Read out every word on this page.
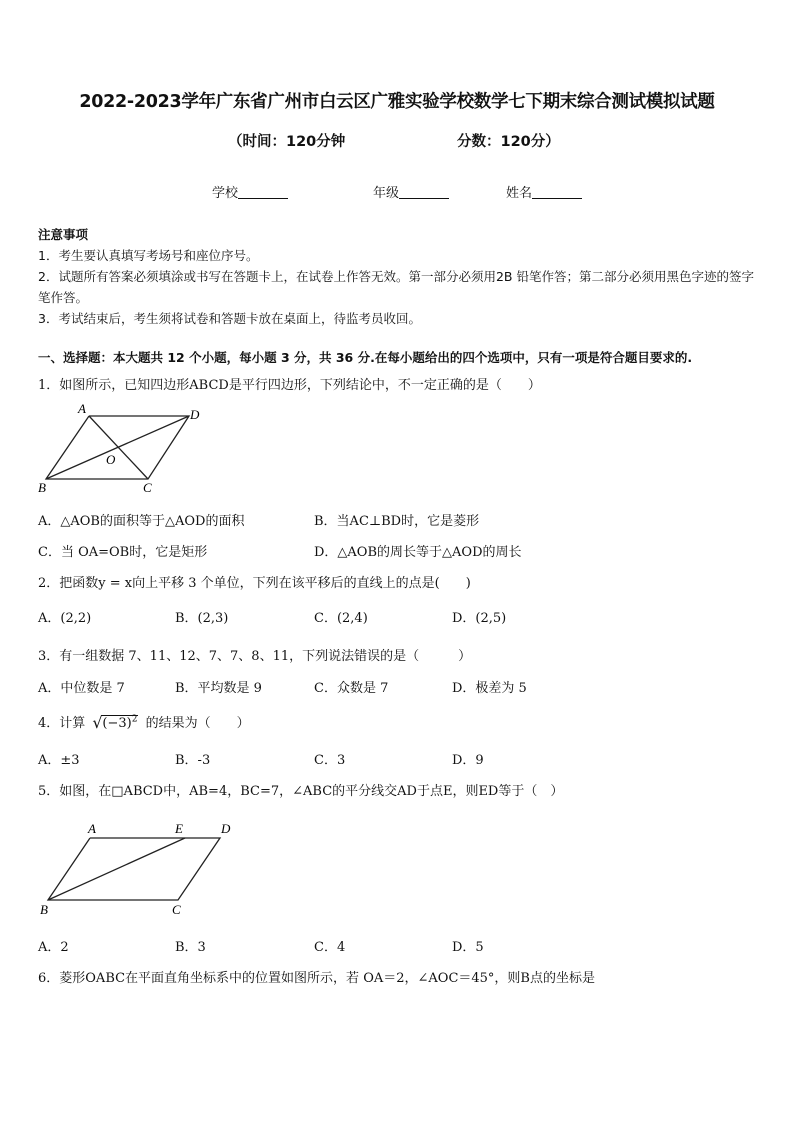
2022-2023学年广东省广州市白云区广雅实验学校数学七下期末综合测试模拟试题
（时间：120分钟	分数：120分）
学校	年级	姓名

注意事项

1．考生要认真填写考场号和座位序号。

2．试题所有答案必须填涂或书写在答题卡上，在试卷上作答无效。第一部分必须用2B 铅笔作答；第二部分必须用黑色字迹的签字笔作答。

3．考试结束后，考生须将试卷和答题卡放在桌面上，待监考员收回。

一、选择题：本大题共 12 个小题，每小题 3 分，共 36 分.在每小题给出的四个选项中，只有一项是符合题目要求的.
1．如图所示，已知四边形ABCD是平行四边形，下列结论中，不一定正确的是（　　）
A	D
O
B	C
A．△AOB的面积等于△AOD的面积	B．当AC⊥BD时，它是菱形
C．当 OA=OB时，它是矩形	D．△AOB的周长等于△AOD的周长
2．把函数y = x向上平移 3 个单位，下列在该平移后的直线上的点是(　　)
A．(2,2)	B．(2,3)	C．(2,4)	D．(2,5)
3．有一组数据 7、11、12、7、7、8、11，下列说法错误的是（　　　）
A．中位数是 7	B．平均数是 9	C．众数是 7	D．极差为 5
4．计算 √ $(-3)^2$ 的结果为（　　）
A．±3	B．-3	C．3	D．9
5．如图，在□ABCD中，AB=4，BC=7，∠ABC的平分线交AD于点E，则ED等于（　）
A	E	D
B	C
A．2	B．3	C．4	D．5
6．菱形OABC在平面直角坐标系中的位置如图所示，若 OA＝2，∠AOC＝45°，则B点的坐标是
